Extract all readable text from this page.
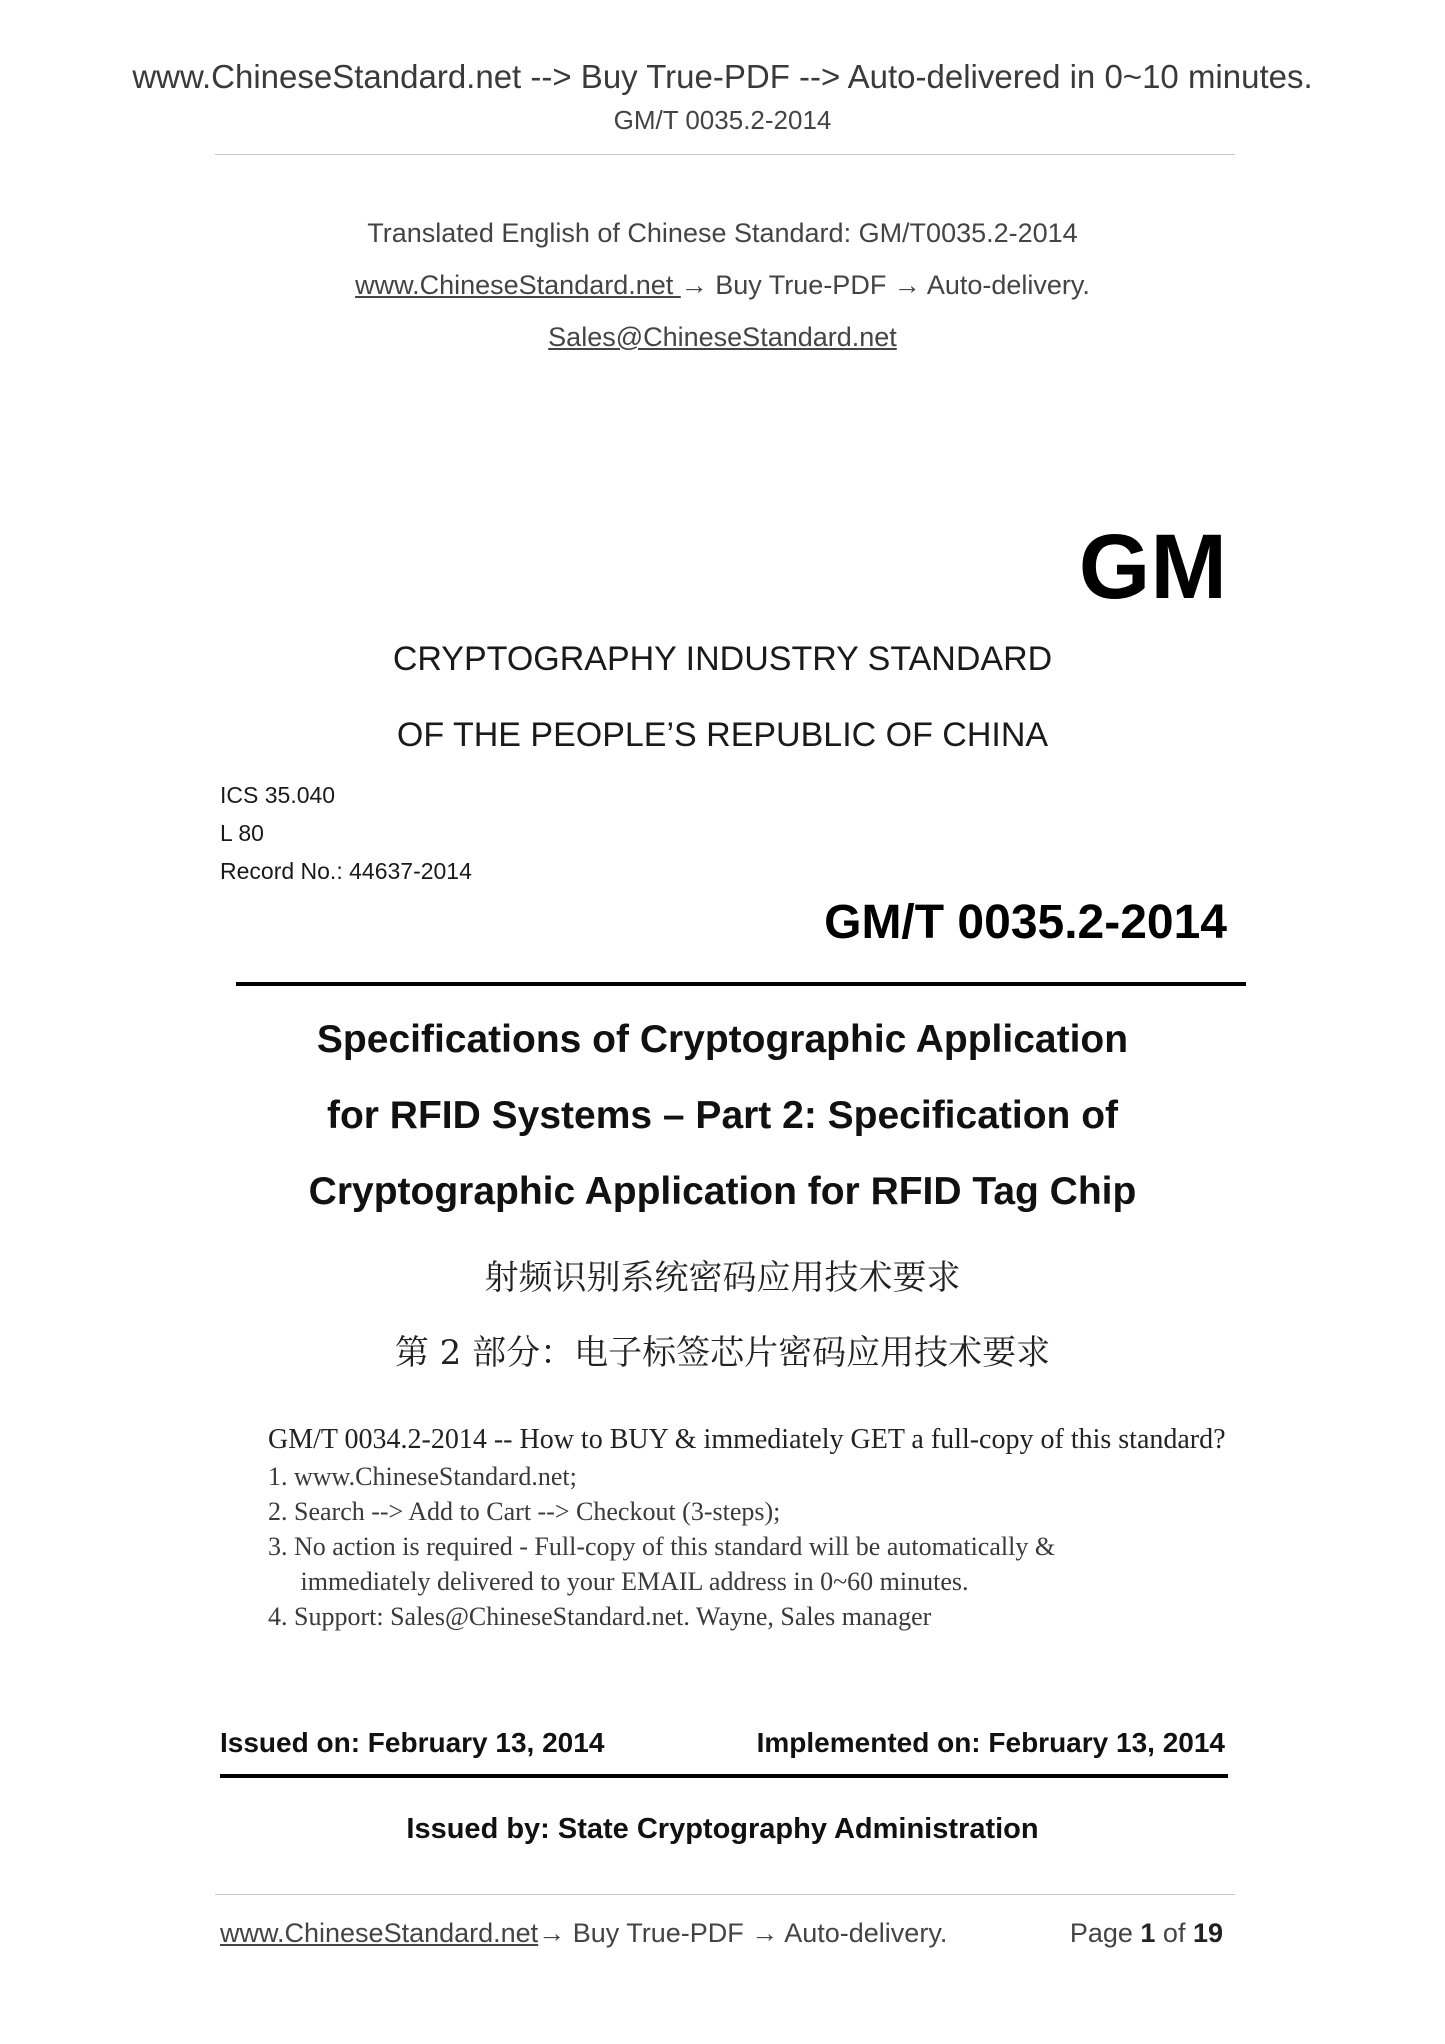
www.ChineseStandard.net --> Buy True-PDF --> Auto-delivered in 0~10 minutes.
GM/T 0035.2-2014
Translated English of Chinese Standard: GM/T0035.2-2014
www.ChineseStandard.net → Buy True-PDF → Auto-delivery.
Sales@ChineseStandard.net
GM
CRYPTOGRAPHY INDUSTRY STANDARD
OF THE PEOPLE’S REPUBLIC OF CHINA
ICS 35.040
L 80
Record No.: 44637-2014
GM/T 0035.2-2014
Specifications of Cryptographic Application
for RFID Systems – Part 2: Specification of
Cryptographic Application for RFID Tag Chip
射频识别系统密码应用技术要求
第 2 部分：电子标签芯片密码应用技术要求
GM/T 0034.2-2014 -- How to BUY & immediately GET a full-copy of this standard?
1. www.ChineseStandard.net;
2. Search --> Add to Cart --> Checkout (3-steps);
3. No action is required - Full-copy of this standard will be automatically &
immediately delivered to your EMAIL address in 0~60 minutes.
4. Support: Sales@ChineseStandard.net. Wayne, Sales manager
Issued on: February 13, 2014	Implemented on: February 13, 2014
Issued by: State Cryptography Administration
www.ChineseStandard.net→ Buy True-PDF → Auto-delivery.	Page 1 of 19
